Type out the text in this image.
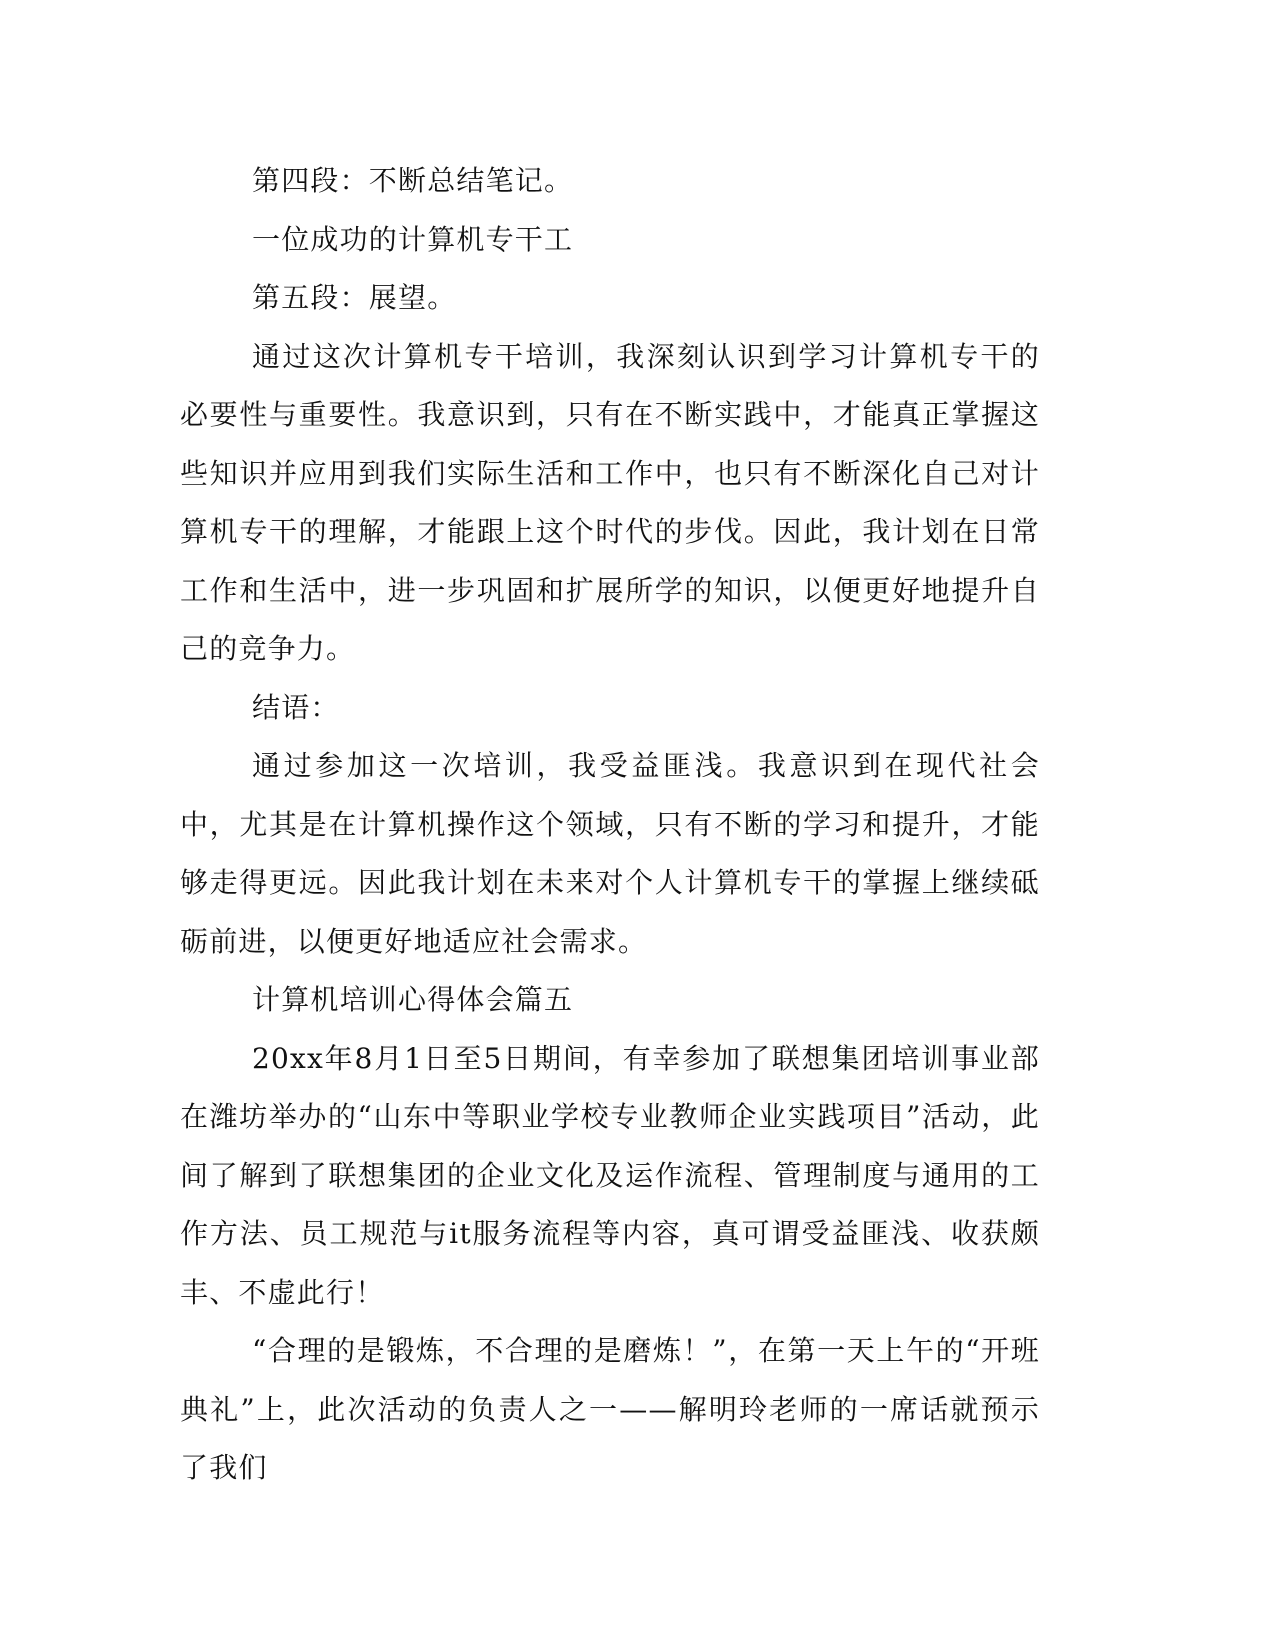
第四段：不断总结笔记。

一位成功的计算机专干工

第五段：展望。

通过这次计算机专干培训，我深刻认识到学习计算机专干的必要性与重要性。我意识到，只有在不断实践中，才能真正掌握这些知识并应用到我们实际生活和工作中，也只有不断深化自己对计算机专干的理解，才能跟上这个时代的步伐。因此，我计划在日常工作和生活中，进一步巩固和扩展所学的知识，以便更好地提升自己的竞争力。

结语：

通过参加这一次培训，我受益匪浅。我意识到在现代社会中，尤其是在计算机操作这个领域，只有不断的学习和提升，才能够走得更远。因此我计划在未来对个人计算机专干的掌握上继续砥砺前进，以便更好地适应社会需求。

计算机培训心得体会篇五

20xx年8月1日至5日期间，有幸参加了联想集团培训事业部在潍坊举办的“山东中等职业学校专业教师企业实践项目”活动，此间了解到了联想集团的企业文化及运作流程、管理制度与通用的工作方法、员工规范与it服务流程等内容，真可谓受益匪浅、收获颇丰、不虚此行！

“合理的是锻炼，不合理的是磨炼！”，在第一天上午的“开班典礼”上，此次活动的负责人之一——解明玲老师的一席话就预示了我们
